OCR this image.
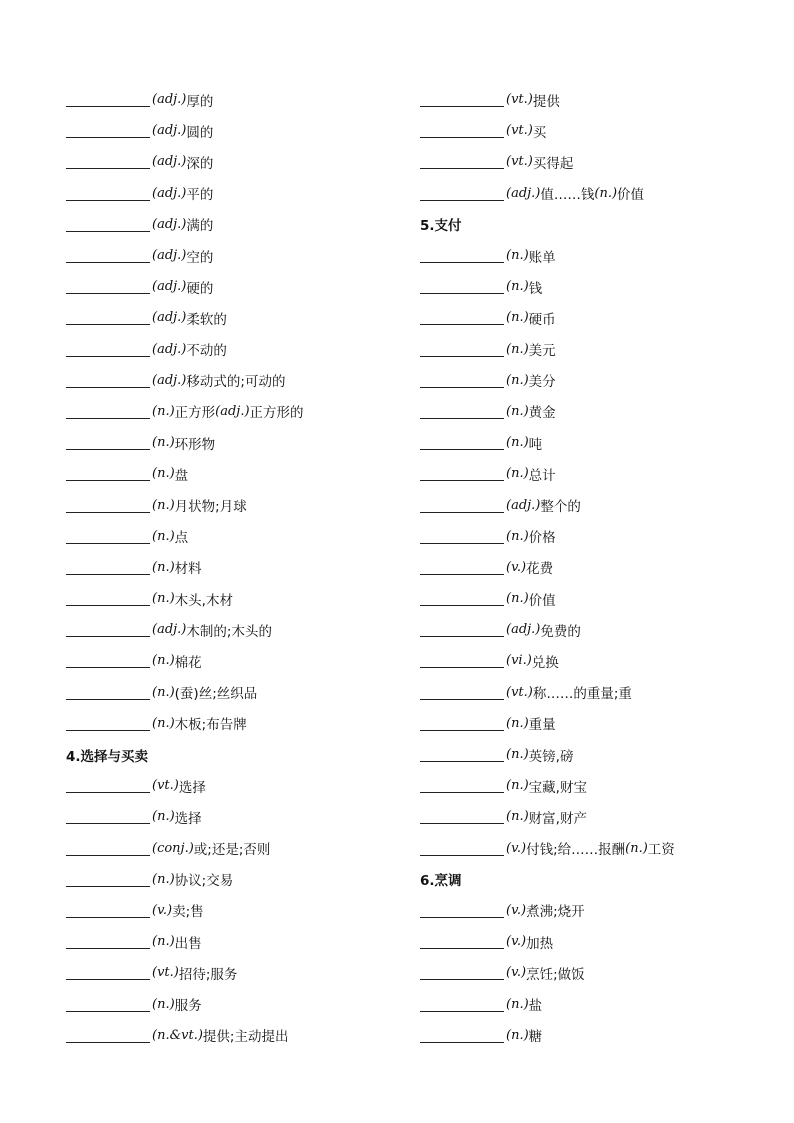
(adj.) 厚的
(adj.) 圆的
(adj.) 深的
(adj.) 平的
(adj.) 满的
(adj.) 空的
(adj.) 硬的
(adj.) 柔软的
(adj.) 不动的
(adj.) 移动式的;可动的
(n.) 正方形 (adj.) 正方形的
(n.) 环形物
(n.) 盘
(n.) 月状物;月球
(n.) 点
(n.) 材料
(n.) 木头,木材
(adj.) 木制的;木头的
(n.) 棉花
(n.) (蚕)丝;丝织品
(n.) 木板;布告牌
4.选择与买卖
(vt.) 选择
(n.) 选择
(conj.) 或;还是;否则
(n.) 协议;交易
(v.) 卖;售
(n.) 出售
(vt.) 招待;服务
(n.) 服务
(n.&vt.) 提供;主动提出
(vt.) 提供
(vt.) 买
(vt.) 买得起
(adj.) 值……钱 (n.) 价值
5.支付
(n.) 账单
(n.) 钱
(n.) 硬币
(n.) 美元
(n.) 美分
(n.) 黄金
(n.) 吨
(n.) 总计
(adj.) 整个的
(n.) 价格
(v.) 花费
(n.) 价值
(adj.) 免费的
(vi.) 兑换
(vt.) 称……的重量;重
(n.) 重量
(n.) 英镑,磅
(n.) 宝藏,财宝
(n.) 财富,财产
(v.) 付钱;给……报酬 (n.) 工资
6.烹调
(v.) 煮沸;烧开
(v.) 加热
(v.) 烹饪;做饭
(n.) 盐
(n.) 糖
